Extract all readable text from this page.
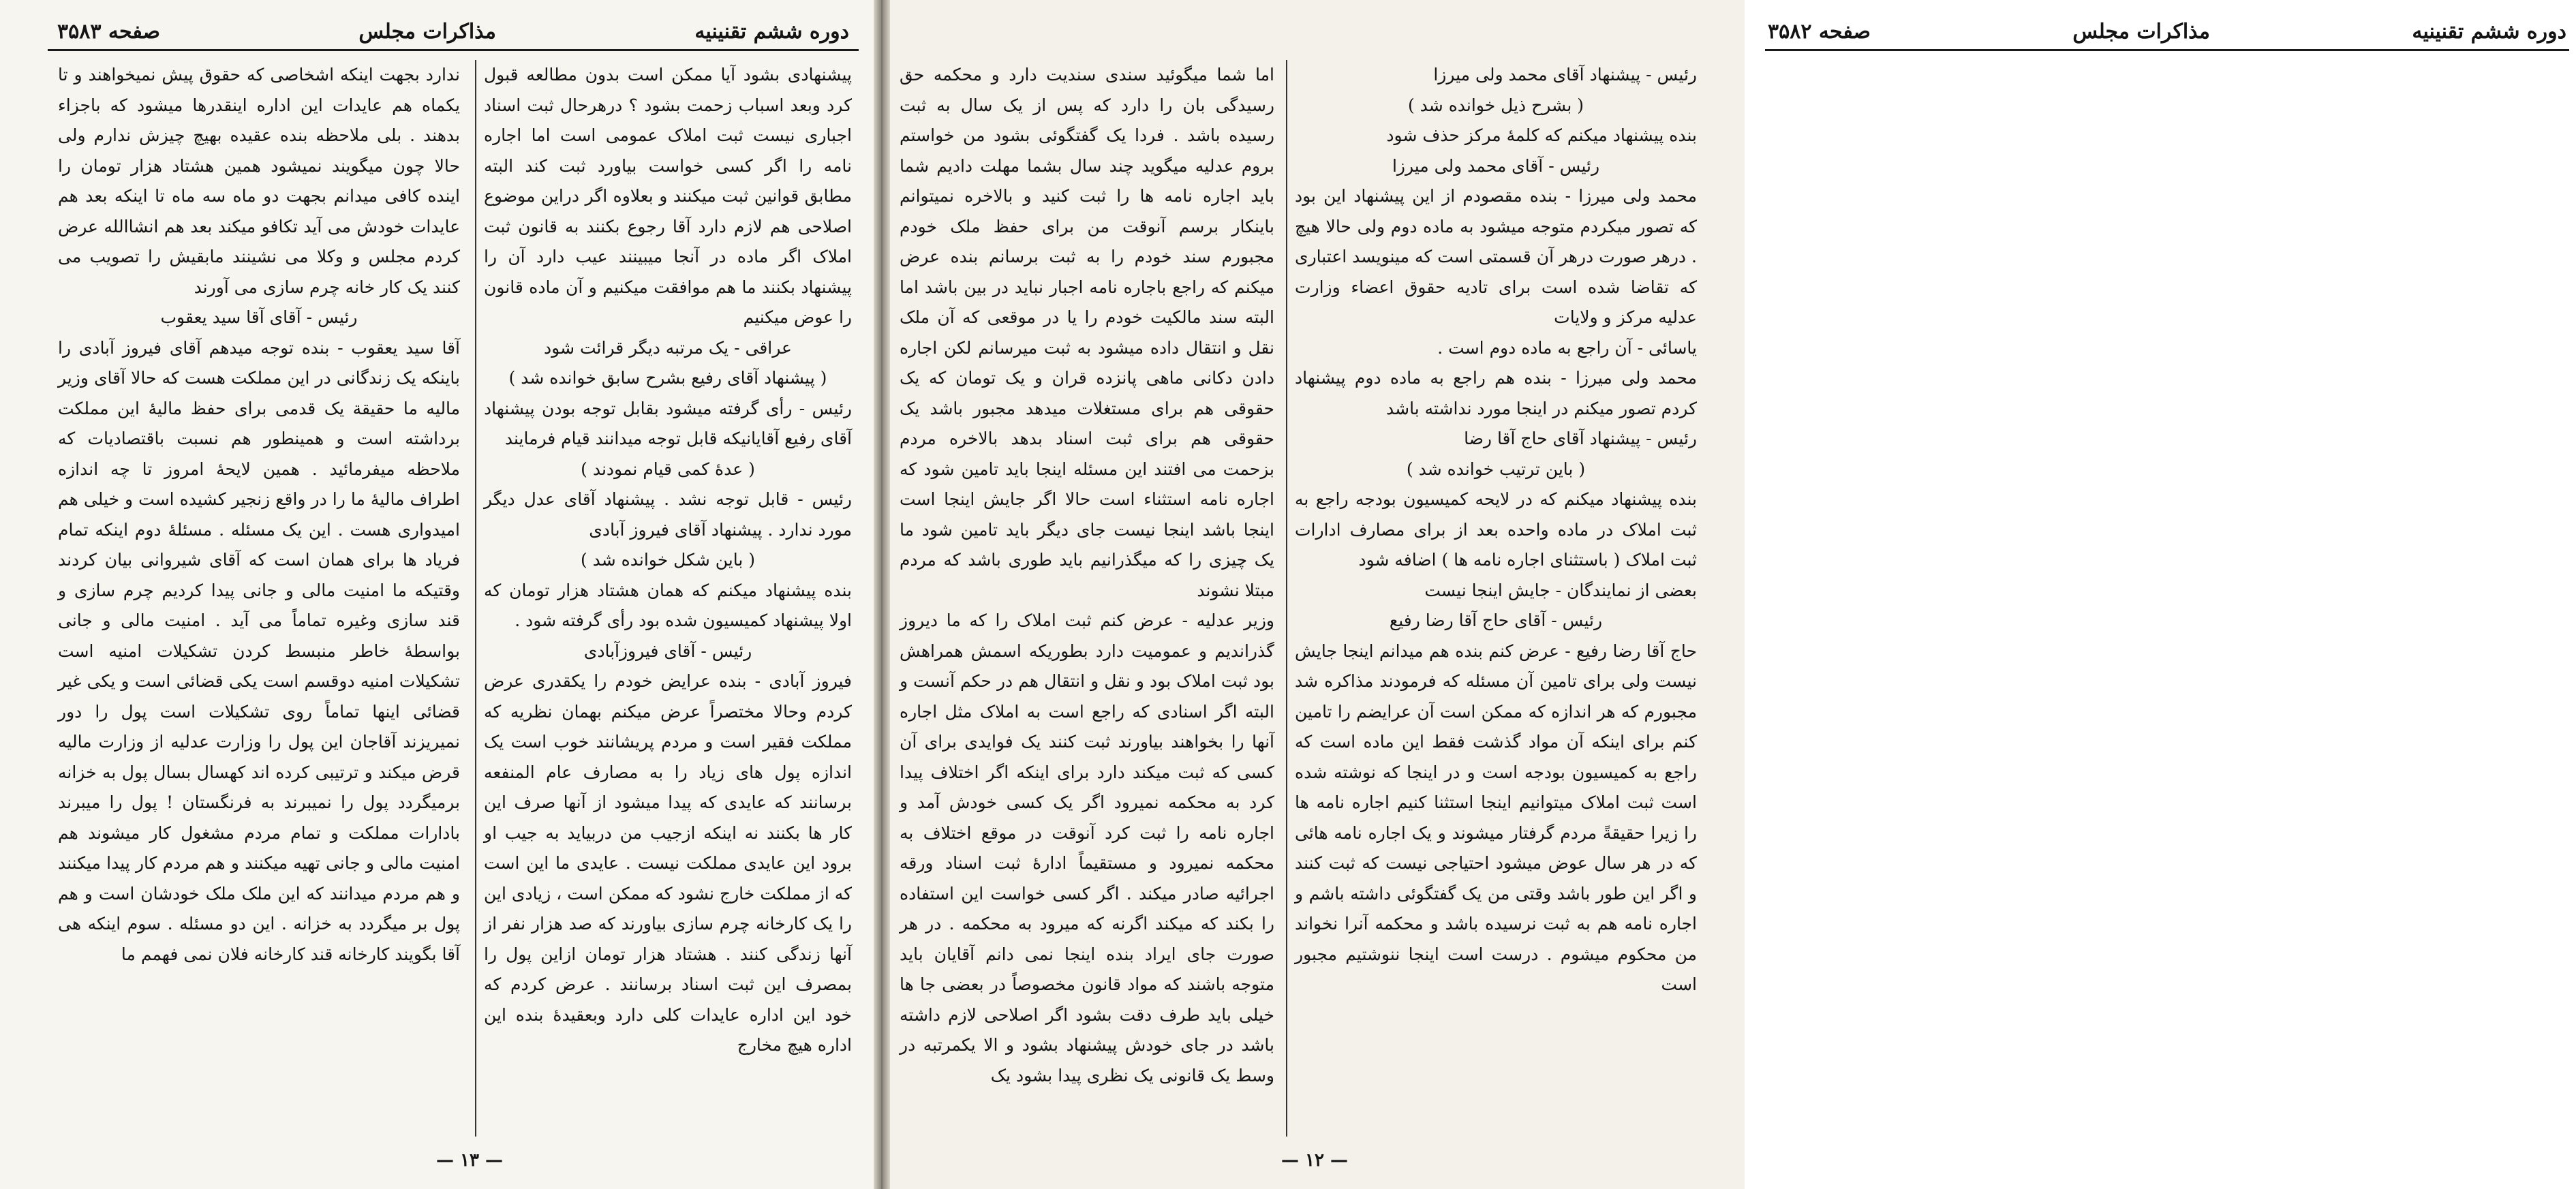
دوره ششم تقنینیه
مذاکرات مجلس
صفحه ۳۵۸۳

پیشنهادی بشود آیا ممکن است بدون مطالعه قبول کرد وبعد اسباب زحمت بشود ؟ درهرحال ثبت اسناد اجباری نیست ثبت املاک عمومی است اما اجاره نامه را اگر کسی خواست بیاورد ثبت کند البته مطابق قوانین ثبت میکنند و بعلاوه اگر دراین موضوع اصلاحی هم لازم دارد آقا رجوع بکنند به قانون ثبت املاک اگر ماده در آنجا میبینند عیب دارد آن را پیشنهاد بکنند ما هم موافقت میکنیم و آن ماده قانون را عوض میکنیم

عراقی - یک مرتبه دیگر قرائت شود

( پیشنهاد آقای رفیع بشرح سابق خوانده شد )

رئیس - رأی گرفته میشود بقابل توجه بودن پیشنهاد آقای رفیع آقایانیکه قابل توجه میدانند قیام فرمایند

( عدهٔ کمی قیام نمودند )

رئیس - قابل توجه نشد . پیشنهاد آقای عدل دیگر مورد ندارد . پیشنهاد آقای فیروز آبادی

( باین شکل خوانده شد )

بنده پیشنهاد میکنم که همان هشتاد هزار تومان که اولا پیشنهاد کمیسیون شده بود رأی گرفته شود .

رئیس - آقای فیروزآبادی

فیروز آبادی - بنده عرایض خودم را یکقدری عرض کردم وحالا مختصراً عرض میکنم بهمان نظریه که مملکت فقیر است و مردم پریشانند خوب است یک اندازه پول های زیاد را به مصارف عام المنفعه برسانند که عایدی که پیدا میشود از آنها صرف این کار ها بکنند نه اینکه ازجیب من دربیاید به جیب او برود این عایدی مملکت نیست . عایدی ما این است که از مملکت خارج نشود که ممکن است ، زیادی این را یک کارخانه چرم سازی بیاورند که صد هزار نفر از آنها زندگی کنند . هشتاد هزار تومان ازاین پول را بمصرف این ثبت اسناد برسانند . عرض کردم که خود این اداره عایدات کلی دارد وبعقیدهٔ بنده این اداره هیچ مخارج

ندارد بجهت اینکه اشخاصی که حقوق پیش نمیخواهند و تا یکماه هم عایدات این اداره اینقدرها میشود که باجزاء بدهند . بلی ملاحظه بنده عقیده بهیچ چیزش ندارم ولی حالا چون میگویند نمیشود همین هشتاد هزار تومان را اینده کافی میدانم بجهت دو ماه سه ماه تا اینکه بعد هم عایدات خودش می آید تکافو میکند بعد هم انشاالله عرض کردم مجلس و وکلا می نشینند مابقیش را تصویب می کنند یک کار خانه چرم سازی می آورند

رئیس - آقای آقا سید یعقوب

آقا سید یعقوب - بنده توجه میدهم آقای فیروز آبادی را باینکه یک زندگانی در این مملکت هست که حالا آقای وزیر مالیه ما حقیقة یک قدمی برای حفظ مالیهٔ این مملکت برداشته است و همینطور هم نسبت باقتصادیات که ملاحظه میفرمائید . همین لایحهٔ امروز تا چه اندازه اطراف مالیهٔ ما را در واقع زنجیر کشیده است و خیلی هم امیدواری هست . این یک مسئله . مسئلهٔ دوم اینکه تمام فریاد ها برای همان است که آقای شیروانی بیان کردند وقتیکه ما امنیت مالی و جانی پیدا کردیم چرم سازی و قند سازی وغیره تماماً می آید . امنیت مالی و جانی بواسطهٔ خاطر منبسط کردن تشکیلات امنیه است تشکیلات امنیه دوقسم است یکی قضائی است و یکی غیر قضائی اینها تماماً روی تشکیلات است پول را دور نمیریزند آقاجان این پول را وزارت عدلیه از وزارت مالیه قرض میکند و ترتیبی کرده اند کهسال بسال پول به خزانه برمیگردد پول را نمیبرند به فرنگستان ! پول را میبرند بادارات مملکت و تمام مردم مشغول کار میشوند هم امنیت مالی و جانی تهیه میکنند و هم مردم کار پیدا میکنند و هم مردم میدانند که این ملک ملک خودشان است و هم پول بر میگردد به خزانه . این دو مسئله . سوم اینکه هی آقا بگویند کارخانه قند کارخانه فلان نمی فهمم ما

— ۱۳ —
دوره ششم تقنینیه
مذاکرات مجلس
صفحه ۳۵۸۲

رئیس - پیشنهاد آقای محمد ولی میرزا

( بشرح ذیل خوانده شد )

بنده پیشنهاد میکنم که کلمهٔ مرکز حذف شود

رئیس - آقای محمد ولی میرزا

محمد ولی میرزا - بنده مقصودم از این پیشنهاد این بود که تصور میکردم متوجه میشود به ماده دوم ولی حالا هیچ . درهر صورت درهر آن قسمتی است که مینویسد اعتباری که تقاضا شده است برای تادیه حقوق اعضاء وزارت عدلیه مرکز و ولایات

یاسائی - آن راجع به ماده دوم است .

محمد ولی میرزا - بنده هم راجع به ماده دوم پیشنهاد کردم تصور میکنم در اینجا مورد نداشته باشد

رئیس - پیشنهاد آقای حاج آقا رضا

( باین ترتیب خوانده شد )

بنده پیشنهاد میکنم که در لایحه کمیسیون بودجه راجع به ثبت املاک در ماده واحده بعد از برای مصارف ادارات ثبت املاک ( باستثنای اجاره نامه ها ) اضافه شود

بعضی از نمایندگان - جایش اینجا نیست

رئیس - آقای حاج آقا رضا رفیع

حاج آقا رضا رفیع - عرض کنم بنده هم میدانم اینجا جایش نیست ولی برای تامین آن مسئله که فرمودند مذاکره شد مجبورم که هر اندازه که ممکن است آن عرایضم را تامین کنم برای اینکه آن مواد گذشت فقط این ماده است که راجع به کمیسیون بودجه است و در اینجا که نوشته شده است ثبت املاک میتوانیم اینجا استثنا کنیم اجاره نامه ها را زیرا حقیقةً مردم گرفتار میشوند و یک اجاره نامه هائی که در هر سال عوض میشود احتیاجی نیست که ثبت کنند و اگر این طور باشد وقتی من یک گفتگوئی داشته باشم و اجاره نامه هم به ثبت نرسیده باشد و محکمه آنرا نخواند من محکوم میشوم . درست است اینجا ننوشتیم مجبور است

اما شما میگوئید سندی سندیت دارد و محکمه حق رسیدگی بان را دارد که پس از یک سال به ثبت رسیده باشد . فردا یک گفتگوئی بشود من خواستم بروم عدلیه میگوید چند سال بشما مهلت دادیم شما باید اجاره نامه ها را ثبت کنید و بالاخره نمیتوانم باینکار برسم آنوقت من برای حفظ ملک خودم مجبورم سند خودم را به ثبت برسانم بنده عرض میکنم که راجع باجاره نامه اجبار نباید در بین باشد اما البته سند مالکیت خودم را یا در موقعی که آن ملک نقل و انتقال داده میشود به ثبت میرسانم لکن اجاره دادن دکانی ماهی پانزده قران و یک تومان که یک حقوقی هم برای مستغلات میدهد مجبور باشد یک حقوقی هم برای ثبت اسناد بدهد بالاخره مردم بزحمت می افتند این مسئله اینجا باید تامین شود که اجاره نامه استثناء است حالا اگر جایش اینجا است اینجا باشد اینجا نیست جای دیگر باید تامین شود ما یک چیزی را که میگذرانیم باید طوری باشد که مردم مبتلا نشوند

وزیر عدلیه - عرض کنم ثبت املاک را که ما دیروز گذراندیم و عمومیت دارد بطوریکه اسمش همراهش بود ثبت املاک بود و نقل و انتقال هم در حکم آنست و البته اگر اسنادی که راجع است به املاک مثل اجاره آنها را بخواهند بیاورند ثبت کنند یک فوایدی برای آن کسی که ثبت میکند دارد برای اینکه اگر اختلاف پیدا کرد به محکمه نمیرود اگر یک کسی خودش آمد و اجاره نامه را ثبت کرد آنوقت در موقع اختلاف به محکمه نمیرود و مستقیماً ادارهٔ ثبت اسناد ورقه اجرائیه صادر میکند . اگر کسی خواست این استفاده را بکند که میکند اگرنه که میرود به محکمه . در هر صورت جای ایراد بنده اینجا نمی دانم آقایان باید متوجه باشند که مواد قانون مخصوصاً در بعضی جا ها خیلی باید طرف دقت بشود اگر اصلاحی لازم داشته باشد در جای خودش پیشنهاد بشود و الا یکمرتبه در وسط یک قانونی یک نظری پیدا بشود یک

— ۱۲ —
